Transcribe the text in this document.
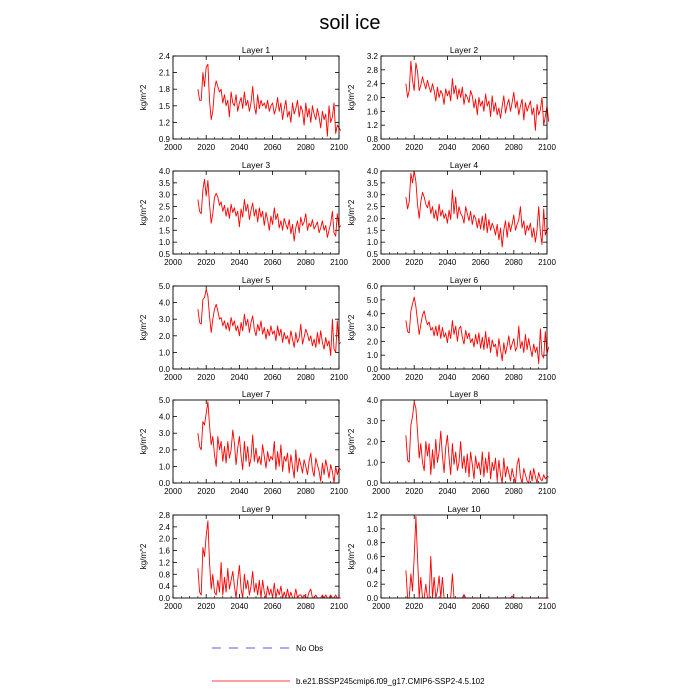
soil ice
Layer 1
kg/m^2
2000 2020 2040 2060 2080 2100
0.9
1.2
1.5
1.8
2.1
2.4
Layer 2
kg/m^2
2000 2020 2040 2060 2080 2100
0.8
1.2
1.6
2.0
2.4
2.8
3.2
Layer 3
kg/m^2
2000 2020 2040 2060 2080 2100
0.5
1.0
1.5
2.0
2.5
3.0
3.5
4.0
Layer 4
kg/m^2
2000 2020 2040 2060 2080 2100
0.5
1.0
1.5
2.0
2.5
3.0
3.5
4.0
Layer 5
kg/m^2
2000 2020 2040 2060 2080 2100
0.0
1.0
2.0
3.0
4.0
5.0
Layer 6
kg/m^2
2000 2020 2040 2060 2080 2100
0.0
1.0
2.0
3.0
4.0
5.0
6.0
Layer 7
kg/m^2
2000 2020 2040 2060 2080 2100
0.0
1.0
2.0
3.0
4.0
5.0
Layer 8
kg/m^2
2000 2020 2040 2060 2080 2100
0.0
1.0
2.0
3.0
4.0
Layer 9
kg/m^2
2000 2020 2040 2060 2080 2100
0.0
0.4
0.8
1.2
1.6
2.0
2.4
2.8
Layer 10
kg/m^2
2000 2020 2040 2060 2080 2100
0.0
0.2
0.4
0.6
0.8
1.0
1.2
No Obs
b.e21.BSSP245cmip6.f09_g17.CMIP6-SSP2-4.5.102
